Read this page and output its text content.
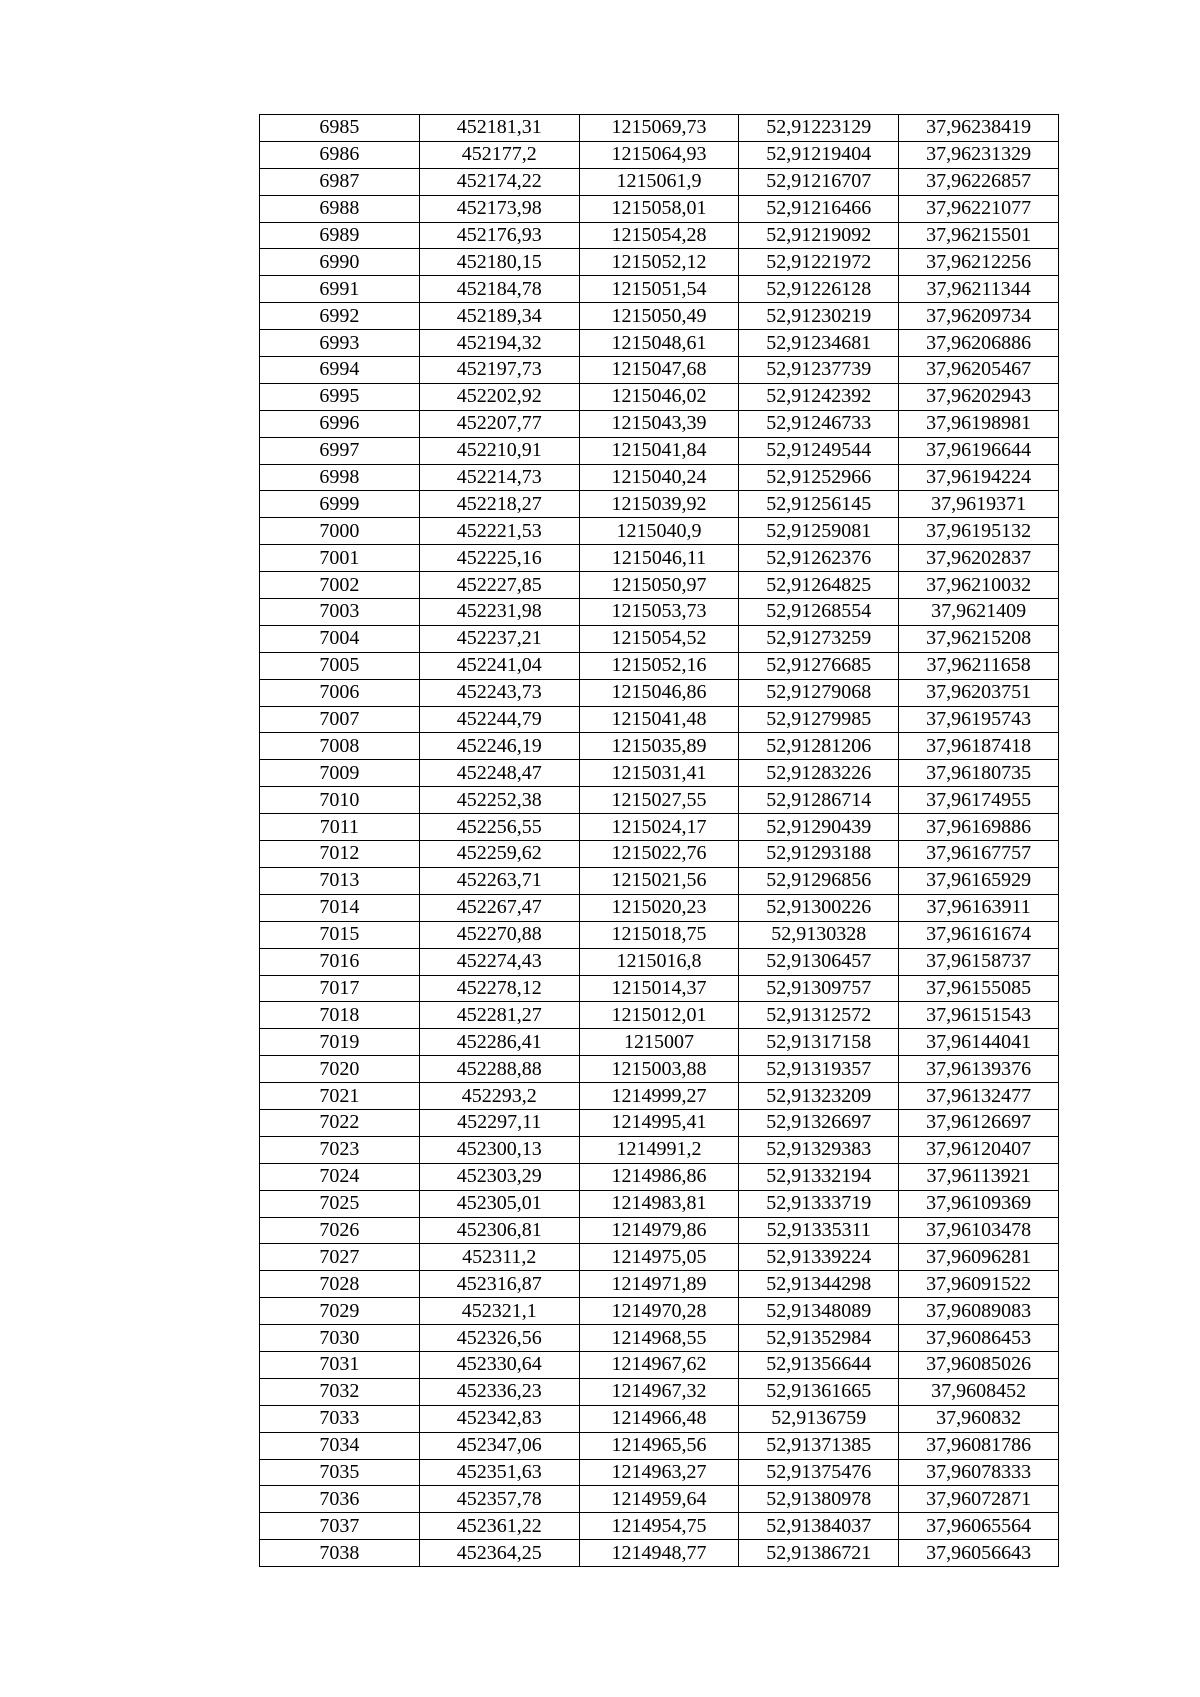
6985	452181,31	1215069,73	52,91223129	37,96238419
6986	452177,2	1215064,93	52,91219404	37,96231329
6987	452174,22	1215061,9	52,91216707	37,96226857
6988	452173,98	1215058,01	52,91216466	37,96221077
6989	452176,93	1215054,28	52,91219092	37,96215501
6990	452180,15	1215052,12	52,91221972	37,96212256
6991	452184,78	1215051,54	52,91226128	37,96211344
6992	452189,34	1215050,49	52,91230219	37,96209734
6993	452194,32	1215048,61	52,91234681	37,96206886
6994	452197,73	1215047,68	52,91237739	37,96205467
6995	452202,92	1215046,02	52,91242392	37,96202943
6996	452207,77	1215043,39	52,91246733	37,96198981
6997	452210,91	1215041,84	52,91249544	37,96196644
6998	452214,73	1215040,24	52,91252966	37,96194224
6999	452218,27	1215039,92	52,91256145	37,9619371
7000	452221,53	1215040,9	52,91259081	37,96195132
7001	452225,16	1215046,11	52,91262376	37,96202837
7002	452227,85	1215050,97	52,91264825	37,96210032
7003	452231,98	1215053,73	52,91268554	37,9621409
7004	452237,21	1215054,52	52,91273259	37,96215208
7005	452241,04	1215052,16	52,91276685	37,96211658
7006	452243,73	1215046,86	52,91279068	37,96203751
7007	452244,79	1215041,48	52,91279985	37,96195743
7008	452246,19	1215035,89	52,91281206	37,96187418
7009	452248,47	1215031,41	52,91283226	37,96180735
7010	452252,38	1215027,55	52,91286714	37,96174955
7011	452256,55	1215024,17	52,91290439	37,96169886
7012	452259,62	1215022,76	52,91293188	37,96167757
7013	452263,71	1215021,56	52,91296856	37,96165929
7014	452267,47	1215020,23	52,91300226	37,96163911
7015	452270,88	1215018,75	52,9130328	37,96161674
7016	452274,43	1215016,8	52,91306457	37,96158737
7017	452278,12	1215014,37	52,91309757	37,96155085
7018	452281,27	1215012,01	52,91312572	37,96151543
7019	452286,41	1215007	52,91317158	37,96144041
7020	452288,88	1215003,88	52,91319357	37,96139376
7021	452293,2	1214999,27	52,91323209	37,96132477
7022	452297,11	1214995,41	52,91326697	37,96126697
7023	452300,13	1214991,2	52,91329383	37,96120407
7024	452303,29	1214986,86	52,91332194	37,96113921
7025	452305,01	1214983,81	52,91333719	37,96109369
7026	452306,81	1214979,86	52,91335311	37,96103478
7027	452311,2	1214975,05	52,91339224	37,96096281
7028	452316,87	1214971,89	52,91344298	37,96091522
7029	452321,1	1214970,28	52,91348089	37,96089083
7030	452326,56	1214968,55	52,91352984	37,96086453
7031	452330,64	1214967,62	52,91356644	37,96085026
7032	452336,23	1214967,32	52,91361665	37,9608452
7033	452342,83	1214966,48	52,9136759	37,960832
7034	452347,06	1214965,56	52,91371385	37,96081786
7035	452351,63	1214963,27	52,91375476	37,96078333
7036	452357,78	1214959,64	52,91380978	37,96072871
7037	452361,22	1214954,75	52,91384037	37,96065564
7038	452364,25	1214948,77	52,91386721	37,96056643
